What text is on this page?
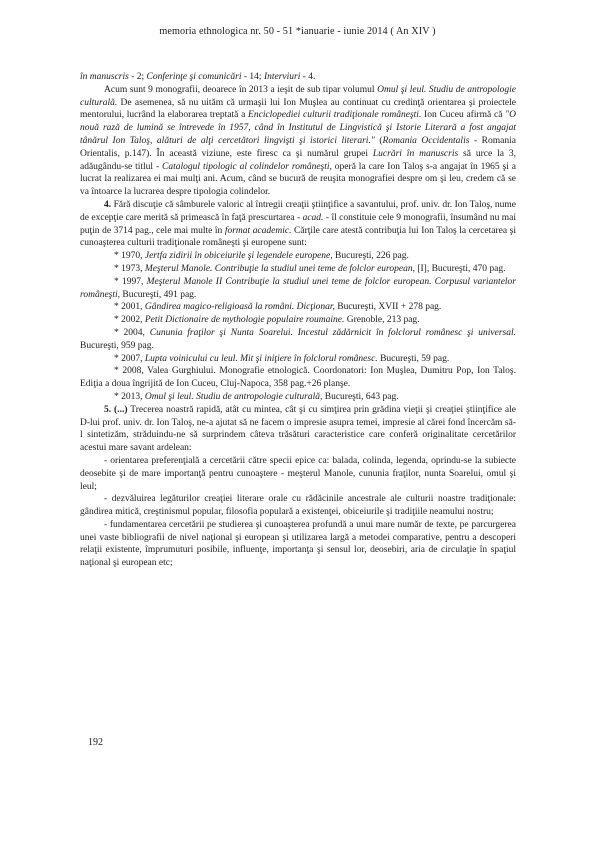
memoria ethnologica nr. 50 - 51 *ianuarie - iunie 2014 ( An XIV )

în manuscris - 2; Conferinţe şi comunicări - 14; Interviuri - 4.

Acum sunt 9 monografii, deoarece în 2013 a ieşit de sub tipar volumul Omul şi leul. Studiu de antropologie culturală. De asemenea, să nu uităm că urmaşii lui Ion Muşlea au continuat cu credinţă orientarea şi proiectele mentorului, lucrând la elaborarea treptată a Enciclopediei culturii tradiţionale româneşti. Ion Cuceu afirmă că "O nouă rază de lumină se întrevede în 1957, când în Institutul de Lingvistică şi Istorie Literară a fost angajat tânărul Ion Taloş, alături de alţi cercetători lingvişti şi istorici literari." (Romania Occidentalis - Romania Orientalis, p.147). În această viziune, este firesc ca şi numărul grupei Lucrări în manuscris să urce la 3, adăugându-se titlul - Catalogul tipologic al colindelor româneşti, operă la care Ion Taloş s-a angajat în 1965 şi a lucrat la realizarea ei mai mulţi ani. Acum, când se bucură de reuşita monografiei despre om şi leu, credem că se va întoarce la lucrarea despre tipologia colindelor.

4. Fără discuţie că sâmburele valoric al întregii creaţii ştiinţifice a savantului, prof. univ. dr. Ion Taloş, nume de excepţie care merită să primească în faţă prescurtarea - acad. - îl constituie cele 9 monografii, însumând nu mai puţin de 3714 pag., cele mai multe în format academic. Cărţile care atestă contribuţia lui Ion Taloş la cercetarea şi cunoaşterea culturii tradiţionale româneşti şi europene sunt:

* 1970, Jertfa zidirii în obiceiurile şi legendele europene, Bucureşti, 226 pag.

* 1973, Meşterul Manole. Contribuţie la studiul unei teme de folclor european, [I], Bucureşti, 470 pag.

* 1997, Meşterul Manole II Contribuţie la studiul unei teme de folclor european. Corpusul variantelor româneşti, Bucureşti, 491 pag.

* 2001, Gândirea magico-religioasă la români. Dicţionar, Bucureşti, XVII + 278 pag.

* 2002, Petit Dictionaire de mythologie populaire roumaine. Grenoble, 213 pag.

* 2004, Cununia fraţilor şi Nunta Soarelui. Incestul zădărnicit în folclorul românesc şi universal. Bucureşti, 959 pag.

* 2007, Lupta voinicului cu leul. Mit şi iniţiere în folclorul românesc. Bucureşti, 59 pag.

* 2008, Valea Gurghiului. Monografie etnologică. Coordonatori: Ion Muşlea, Dumitru Pop, Ion Taloş. Ediţia a doua îngrijită de Ion Cuceu, Cluj-Napoca, 358 pag.+26 planşe.

* 2013, Omul şi leul. Studiu de antropologie culturală, Bucureşti, 643 pag.

5. (...) Trecerea noastră rapidă, atât cu mintea, cât şi cu simţirea prin grădina vieţii şi creaţiei ştiinţifice ale D-lui prof. univ. dr. Ion Taloş, ne-a ajutat să ne facem o impresie asupra temei, impresie al cărei fond încercăm să-l sintetizăm, străduindu-ne să surprindem câteva trăsături caracteristice care conferă originalitate cercetărilor acestui mare savant ardelean:

- orientarea preferenţială a cercetării către specii epice ca: balada, colinda, legenda, oprindu-se la subiecte deosebite şi de mare importanţă pentru cunoaştere - meşterul Manole, cununia fraţilor, nunta Soarelui, omul şi leul;

- dezvăluirea legăturilor creaţiei literare orale cu rădăcinile ancestrale ale culturii noastre tradiţionale: gândirea mitică, creştinismul popular, filosofia populară a existenţei, obiceiurile şi tradiţiile neamului nostru;

- fundamentarea cercetării pe studierea şi cunoaşterea profundă a unui mare număr de texte, pe parcurgerea unei vaste bibliografii de nivel naţional şi european şi utilizarea largă a metodei comparative, pentru a descoperi relaţii existente, împrumuturi posibile, influenţe, importanţa şi sensul lor, deosebiri, aria de circulaţie în spaţiul naţional şi european etc;

192
